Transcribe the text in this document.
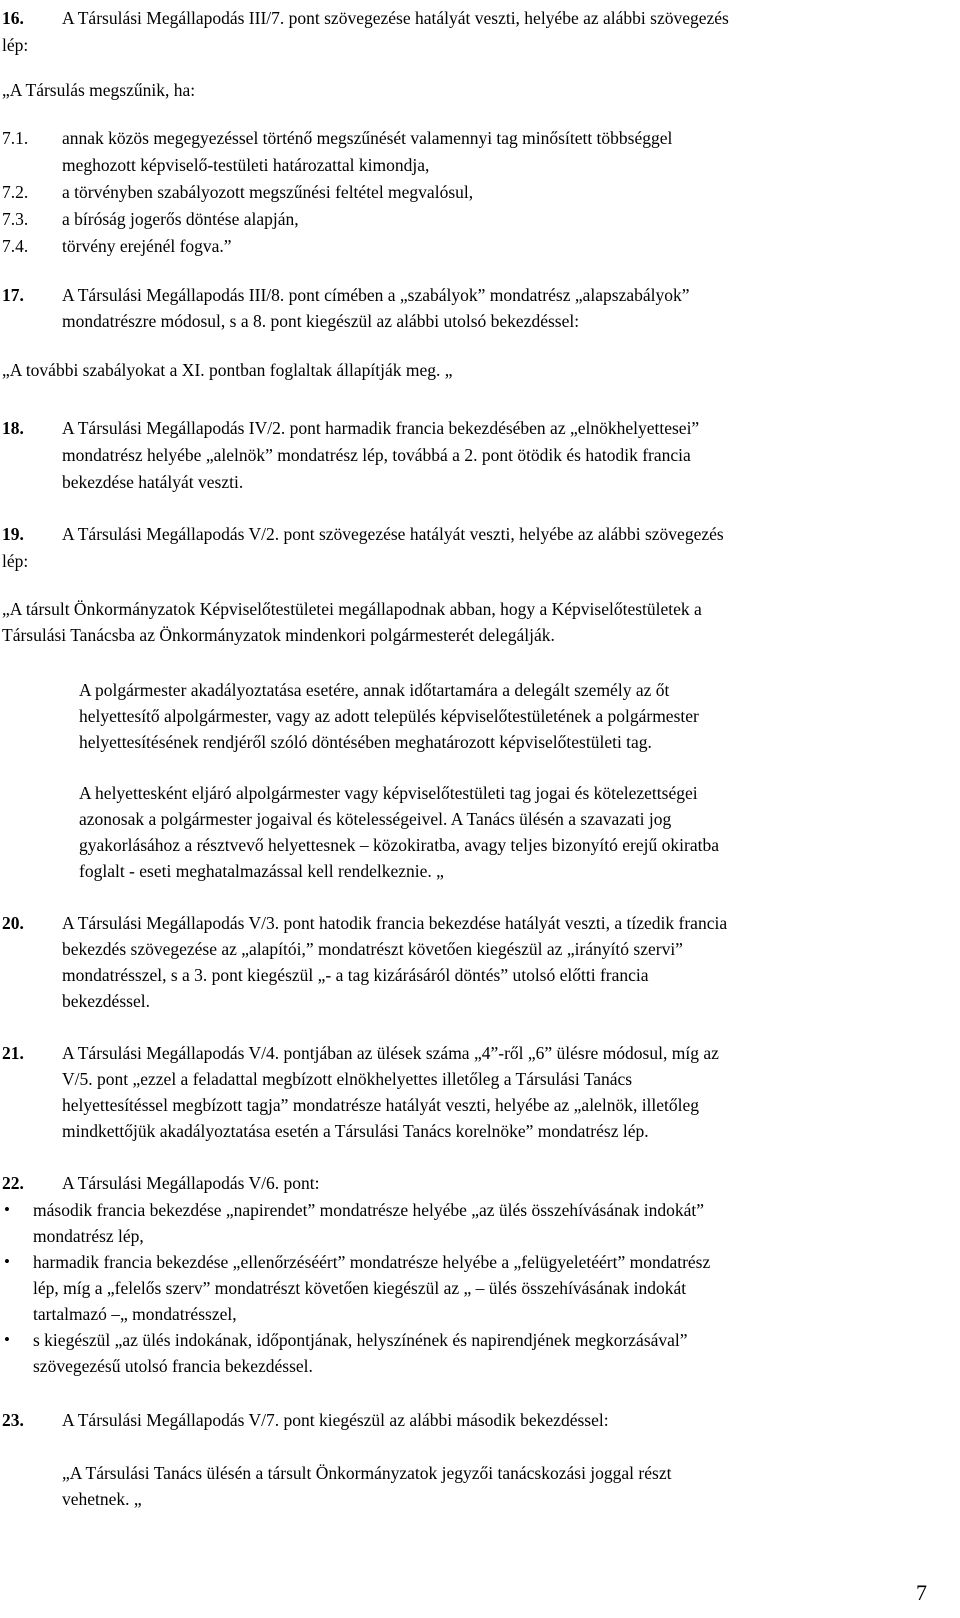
16. A Társulási Megállapodás III/7. pont szövegezése hatályát veszti, helyébe az alábbi szövegezés
lép:
„A Társulás megszűnik, ha:
7.1. annak közös megegyezéssel történő megszűnését valamennyi tag minősített többséggel
meghozott képviselő-testületi határozattal kimondja,
7.2. a törvényben szabályozott megszűnési feltétel megvalósul,
7.3. a bíróság jogerős döntése alapján,
7.4. törvény erejénél fogva.”
17. A Társulási Megállapodás III/8. pont címében a „szabályok” mondatrész „alapszabályok”
mondatrészre módosul, s a 8. pont kiegészül az alábbi utolsó bekezdéssel:
„A további szabályokat a XI. pontban foglaltak állapítják meg. „
18. A Társulási Megállapodás IV/2. pont harmadik francia bekezdésében az „elnökhelyettesei”
mondatrész helyébe „alelnök” mondatrész lép, továbbá a 2. pont ötödik és hatodik francia
bekezdése hatályát veszti.
19. A Társulási Megállapodás V/2. pont szövegezése hatályát veszti, helyébe az alábbi szövegezés
lép:
„A társult Önkormányzatok Képviselőtestületei megállapodnak abban, hogy a Képviselőtestületek a
Társulási Tanácsba az Önkormányzatok mindenkori polgármesterét delegálják.
A polgármester akadályoztatása esetére, annak időtartamára a delegált személy az őt
helyettesítő alpolgármester, vagy az adott település képviselőtestületének a polgármester
helyettesítésének rendjéről szóló döntésében meghatározott képviselőtestületi tag.
A helyettesként eljáró alpolgármester vagy képviselőtestületi tag jogai és kötelezettségei
azonosak a polgármester jogaival és kötelességeivel. A Tanács ülésén a szavazati jog
gyakorlásához a résztvevő helyettesnek – közokiratba, avagy teljes bizonyító erejű okiratba
foglalt - eseti meghatalmazással kell rendelkeznie. „
20. A Társulási Megállapodás V/3. pont hatodik francia bekezdése hatályát veszti, a tízedik francia
bekezdés szövegezése az „alapítói,” mondatrészt követően kiegészül az „irányító szervi”
mondatrésszel, s a 3. pont kiegészül „- a tag kizárásáról döntés” utolsó előtti francia
bekezdéssel.
21. A Társulási Megállapodás V/4. pontjában az ülések száma „4”-ről „6” ülésre módosul, míg az
V/5. pont „ezzel a feladattal megbízott elnökhelyettes illetőleg a Társulási Tanács
helyettesítéssel megbízott tagja” mondatrésze hatályát veszti, helyébe az „alelnök, illetőleg
mindkettőjük akadályoztatása esetén a Társulási Tanács korelnöke” mondatrész lép.
22. A Társulási Megállapodás V/6. pont:
• második francia bekezdése „napirendet” mondatrésze helyébe „az ülés összehívásának indokát”
mondatrész lép,
• harmadik francia bekezdése „ellenőrzéséért” mondatrésze helyébe a „felügyeletéért” mondatrész
lép, míg a „felelős szerv” mondatrészt követően kiegészül az „ – ülés összehívásának indokát
tartalmazó –„ mondatrésszel,
• s kiegészül „az ülés indokának, időpontjának, helyszínének és napirendjének megkorzásával”
szövegezésű utolsó francia bekezdéssel.
23. A Társulási Megállapodás V/7. pont kiegészül az alábbi második bekezdéssel:
„A Társulási Tanács ülésén a társult Önkormányzatok jegyzői tanácskozási joggal részt
vehetnek. „
7
